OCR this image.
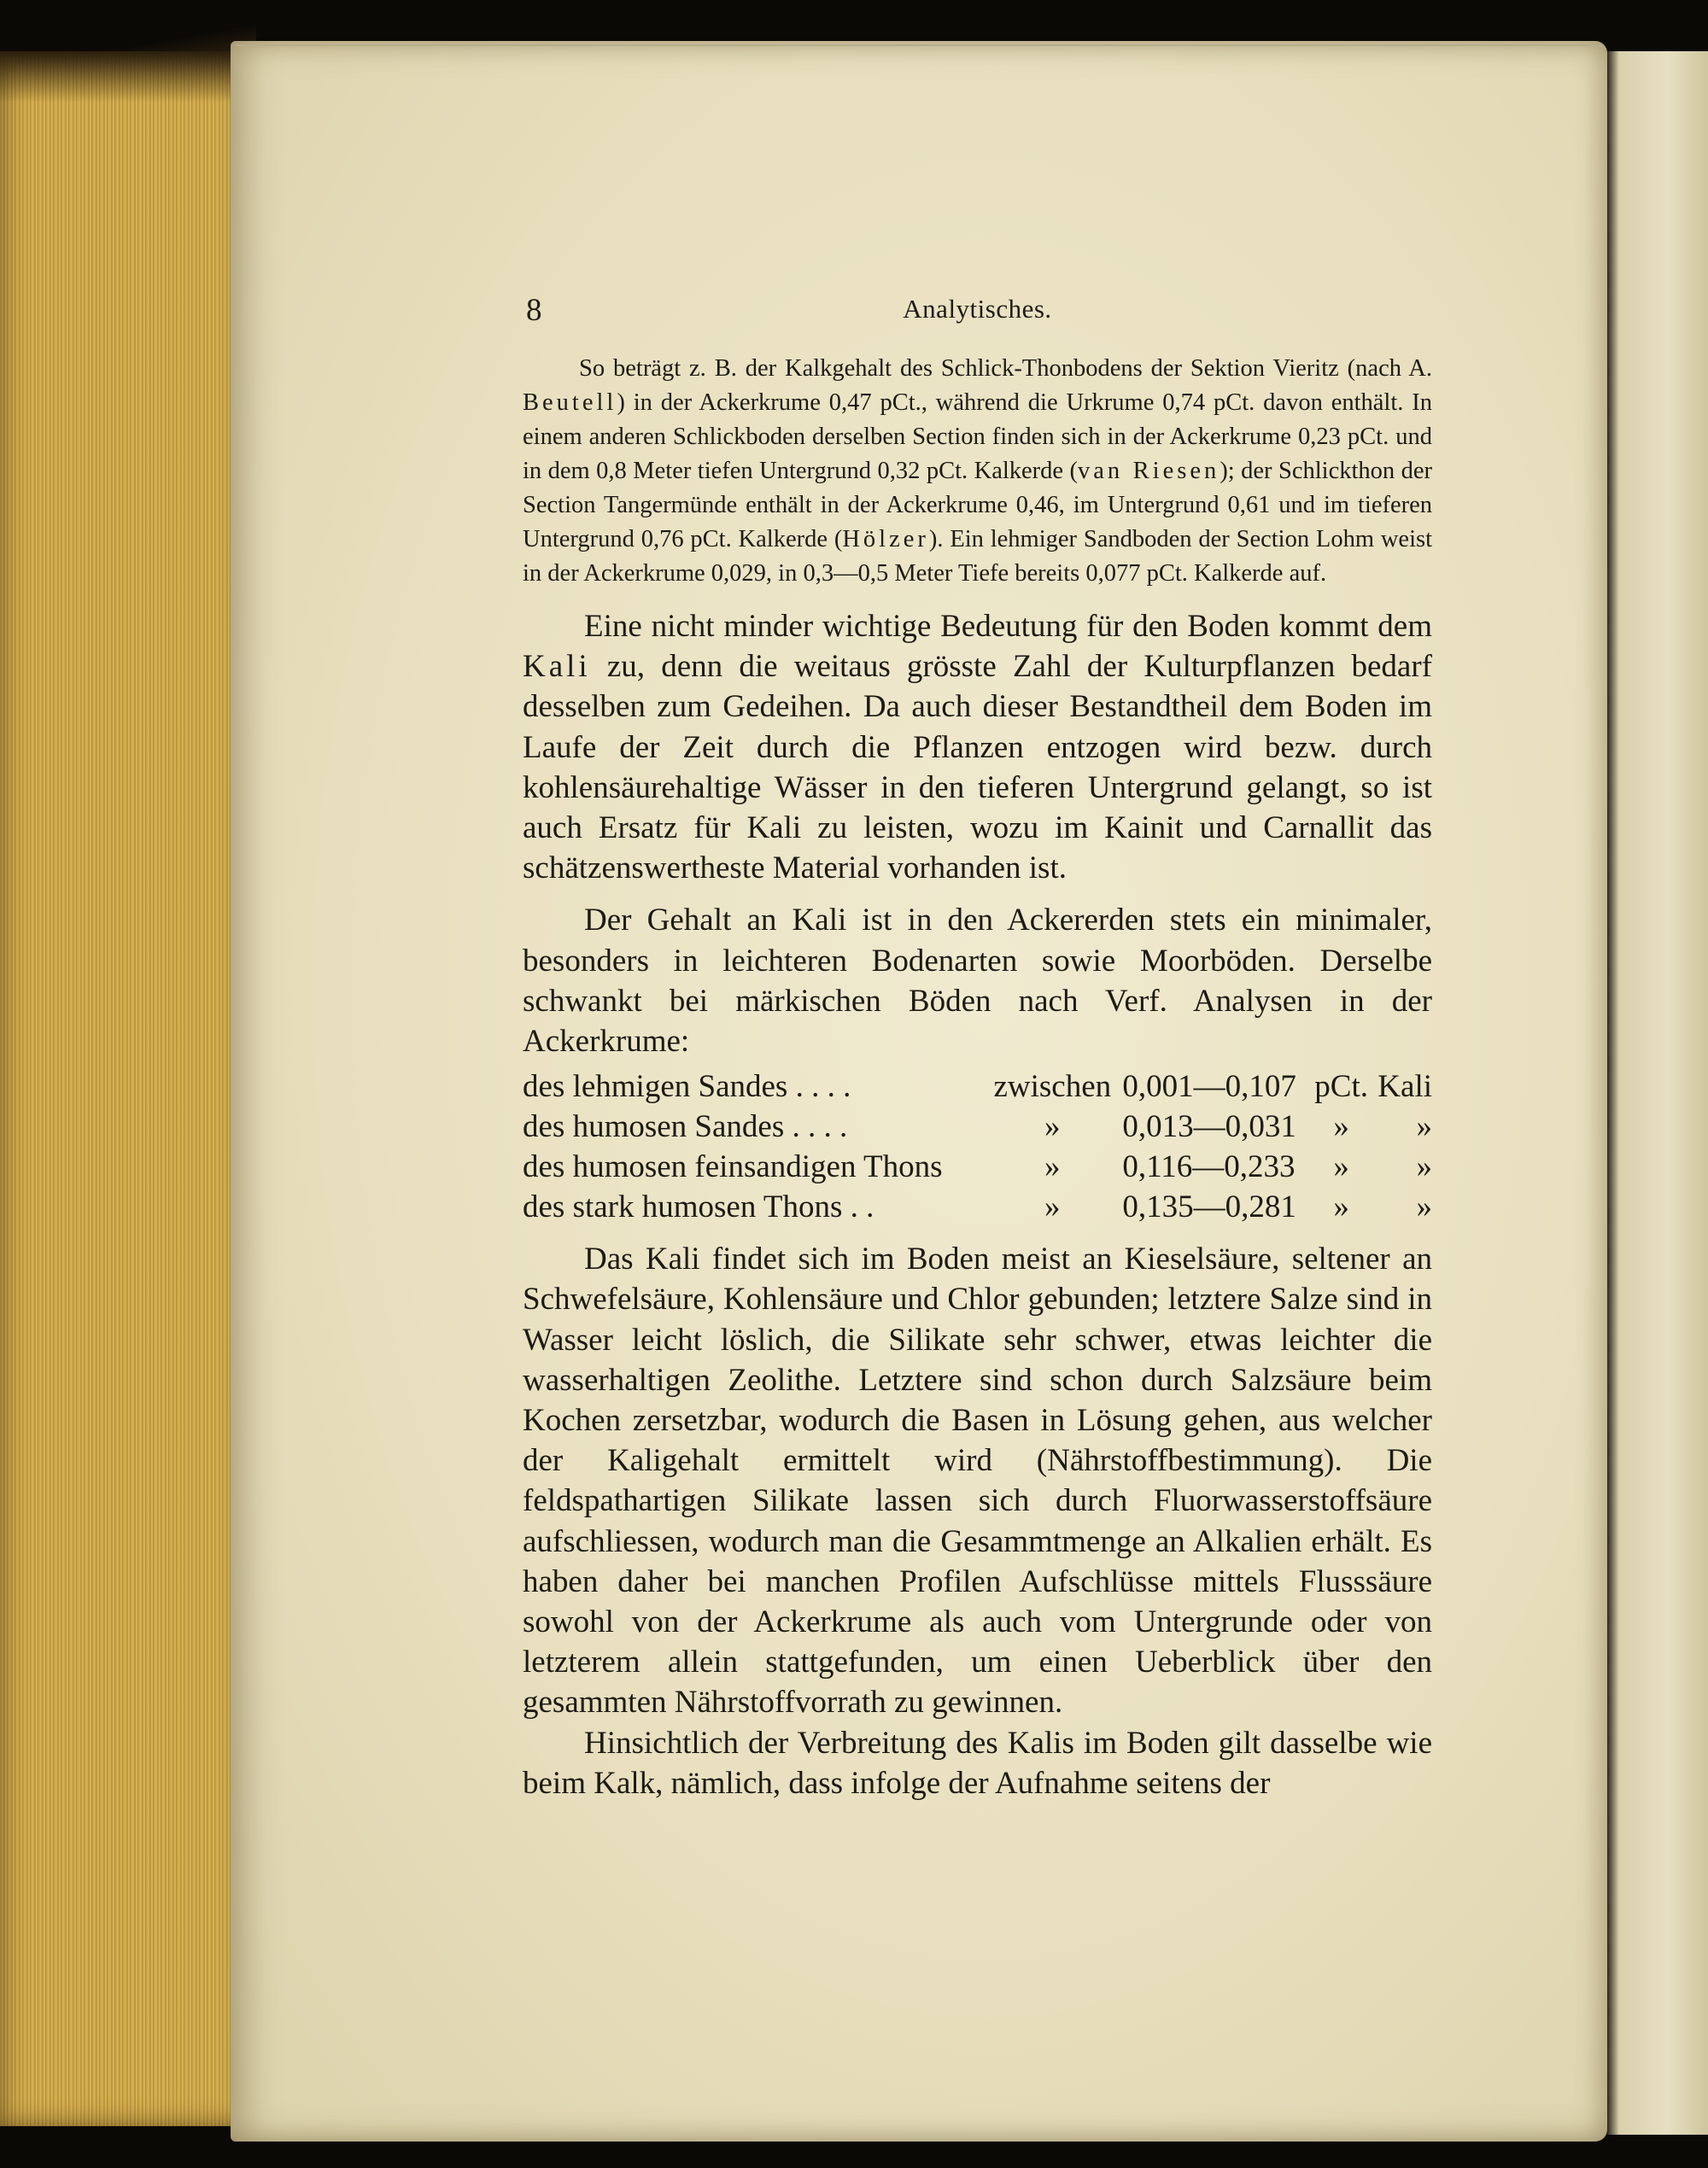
8	Analytisches.

So beträgt z. B. der Kalkgehalt des Schlick-Thonbodens der Sektion Vieritz (nach A. Beutell) in der Ackerkrume 0,47 pCt., während die Urkrume 0,74 pCt. davon enthält. In einem anderen Schlickboden derselben Section finden sich in der Ackerkrume 0,23 pCt. und in dem 0,8 Meter tiefen Untergrund 0,32 pCt. Kalkerde (van Riesen); der Schlickthon der Section Tangermünde enthält in der Ackerkrume 0,46, im Untergrund 0,61 und im tieferen Untergrund 0,76 pCt. Kalkerde (Hölzer). Ein lehmiger Sandboden der Section Lohm weist in der Ackerkrume 0,029, in 0,3—0,5 Meter Tiefe bereits 0,077 pCt. Kalkerde auf.

Eine nicht minder wichtige Bedeutung für den Boden kommt dem Kali zu, denn die weitaus grösste Zahl der Kulturpflanzen bedarf desselben zum Gedeihen. Da auch dieser Bestandtheil dem Boden im Laufe der Zeit durch die Pflanzen entzogen wird bezw. durch kohlensäurehaltige Wässer in den tieferen Untergrund gelangt, so ist auch Ersatz für Kali zu leisten, wozu im Kainit und Carnallit das schätzenswertheste Material vorhanden ist.

Der Gehalt an Kali ist in den Ackererden stets ein minimaler, besonders in leichteren Bodenarten sowie Moorböden. Derselbe schwankt bei märkischen Böden nach Verf. Analysen in der Ackerkrume:

des lehmigen Sandes . . . .	zwischen	0,001—0,107	pCt.	Kali
des humosen Sandes . . . .	»	0,013—0,031	»	»
des humosen feinsandigen Thons	»	0,116—0,233	»	»
des stark humosen Thons . .	»	0,135—0,281	»	»

Das Kali findet sich im Boden meist an Kieselsäure, seltener an Schwefelsäure, Kohlensäure und Chlor gebunden; letztere Salze sind in Wasser leicht löslich, die Silikate sehr schwer, etwas leichter die wasserhaltigen Zeolithe. Letztere sind schon durch Salzsäure beim Kochen zersetzbar, wodurch die Basen in Lösung gehen, aus welcher der Kaligehalt ermittelt wird (Nährstoffbestimmung). Die feldspathartigen Silikate lassen sich durch Fluorwasserstoffsäure aufschliessen, wodurch man die Gesammtmenge an Alkalien erhält. Es haben daher bei manchen Profilen Aufschlüsse mittels Flusssäure sowohl von der Ackerkrume als auch vom Untergrunde oder von letzterem allein stattgefunden, um einen Ueberblick über den gesammten Nährstoffvorrath zu gewinnen.

Hinsichtlich der Verbreitung des Kalis im Boden gilt dasselbe wie beim Kalk, nämlich, dass infolge der Aufnahme seitens der
